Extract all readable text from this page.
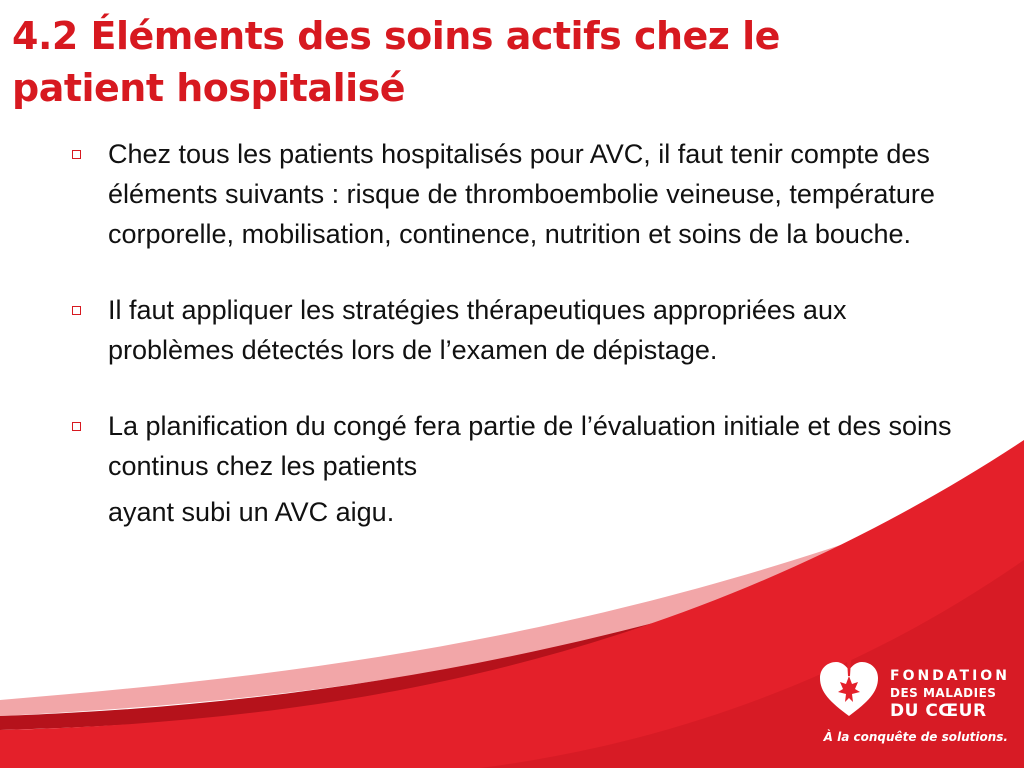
4.2 Éléments des soins actifs chez le
patient hospitalisé
Chez tous les patients hospitalisés pour AVC, il faut tenir compte des éléments suivants : risque de thromboembolie veineuse, température corporelle, mobilisation, continence, nutrition et soins de la bouche.
Il faut appliquer les stratégies thérapeutiques appropriées aux problèmes détectés lors de l’examen de dépistage.
La planification du congé fera partie de l’évaluation initiale et des soins continus chez les patients
ayant subi un AVC aigu.
FONDATION
DES MALADIES
DU CŒUR
À la conquête de solutions.
